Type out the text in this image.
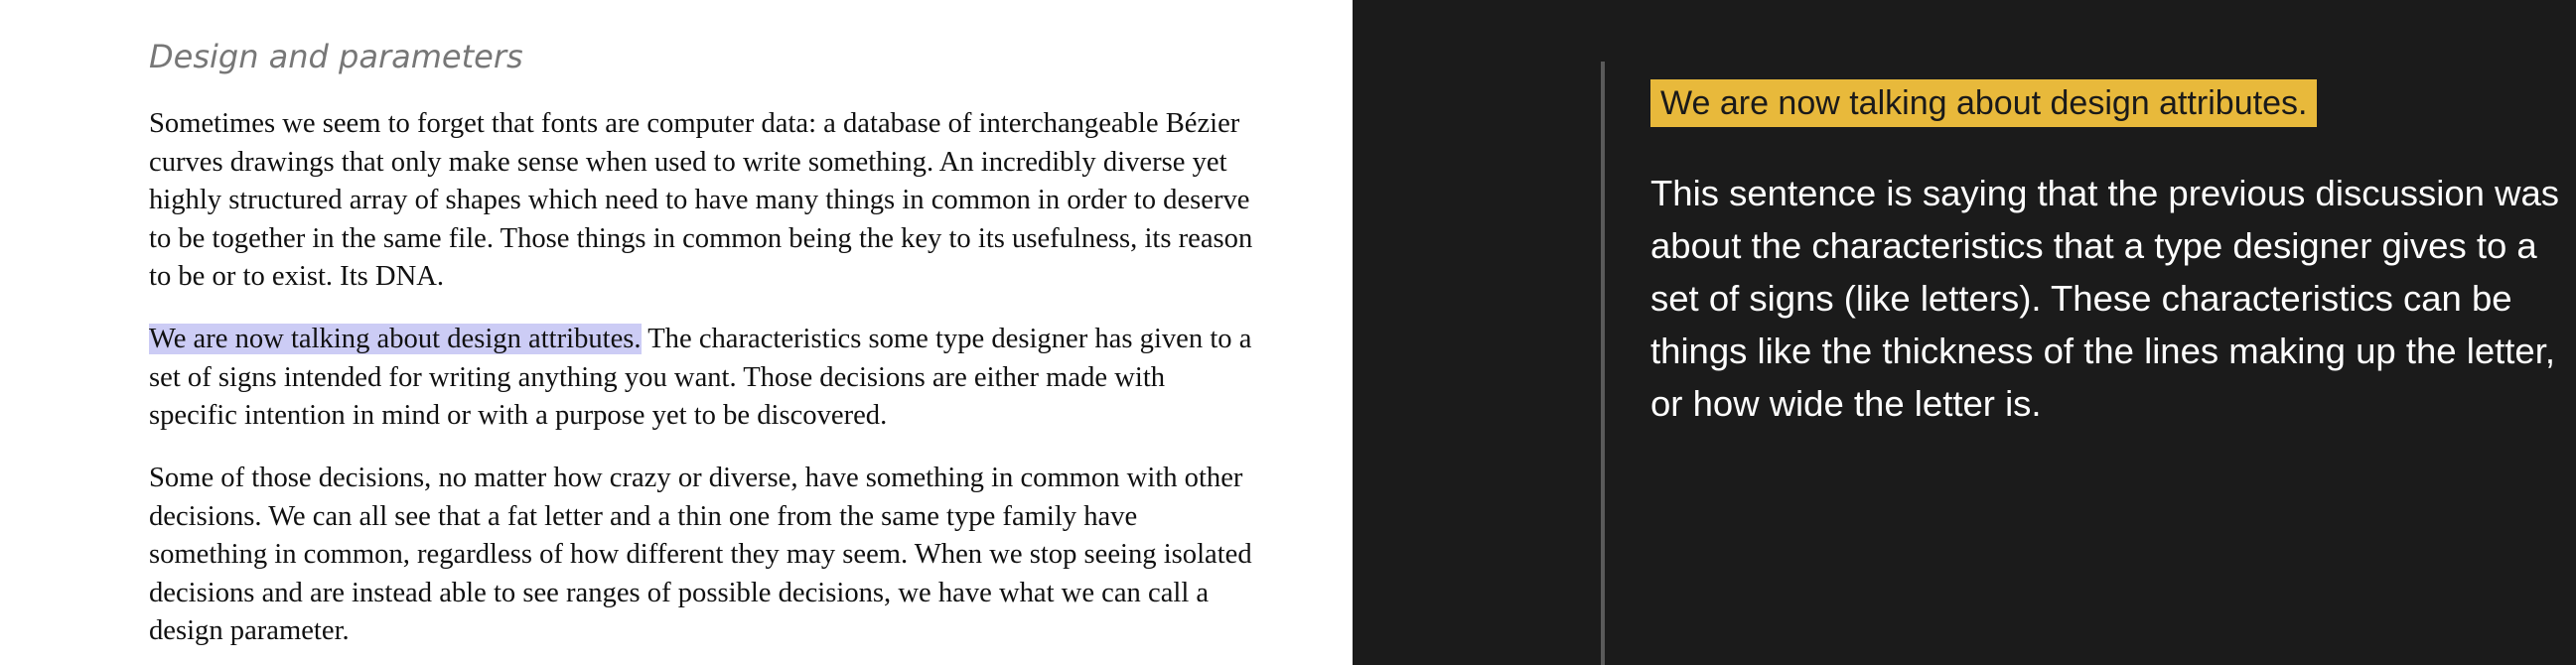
Design and parameters

Sometimes we seem to forget that fonts are computer data: a database of interchangeable Bézier
curves drawings that only make sense when used to write something. An incredibly diverse yet
highly structured array of shapes which need to have many things in common in order to deserve
to be together in the same file. Those things in common being the key to its usefulness, its reason
to be or to exist. Its DNA.

We are now talking about design attributes. The characteristics some type designer has given to a
set of signs intended for writing anything you want. Those decisions are either made with
specific intention in mind or with a purpose yet to be discovered.

Some of those decisions, no matter how crazy or diverse, have something in common with other
decisions. We can all see that a fat letter and a thin one from the same type family have
something in common, regardless of how different they may seem. When we stop seeing isolated
decisions and are instead able to see ranges of possible decisions, we have what we can call a
design parameter.

We are now talking about design attributes.

This sentence is saying that the previous discussion was about the characteristics that a type designer gives to a set of signs (like letters). These characteristics can be things like the thickness of the lines making up the letter, or how wide the letter is.
